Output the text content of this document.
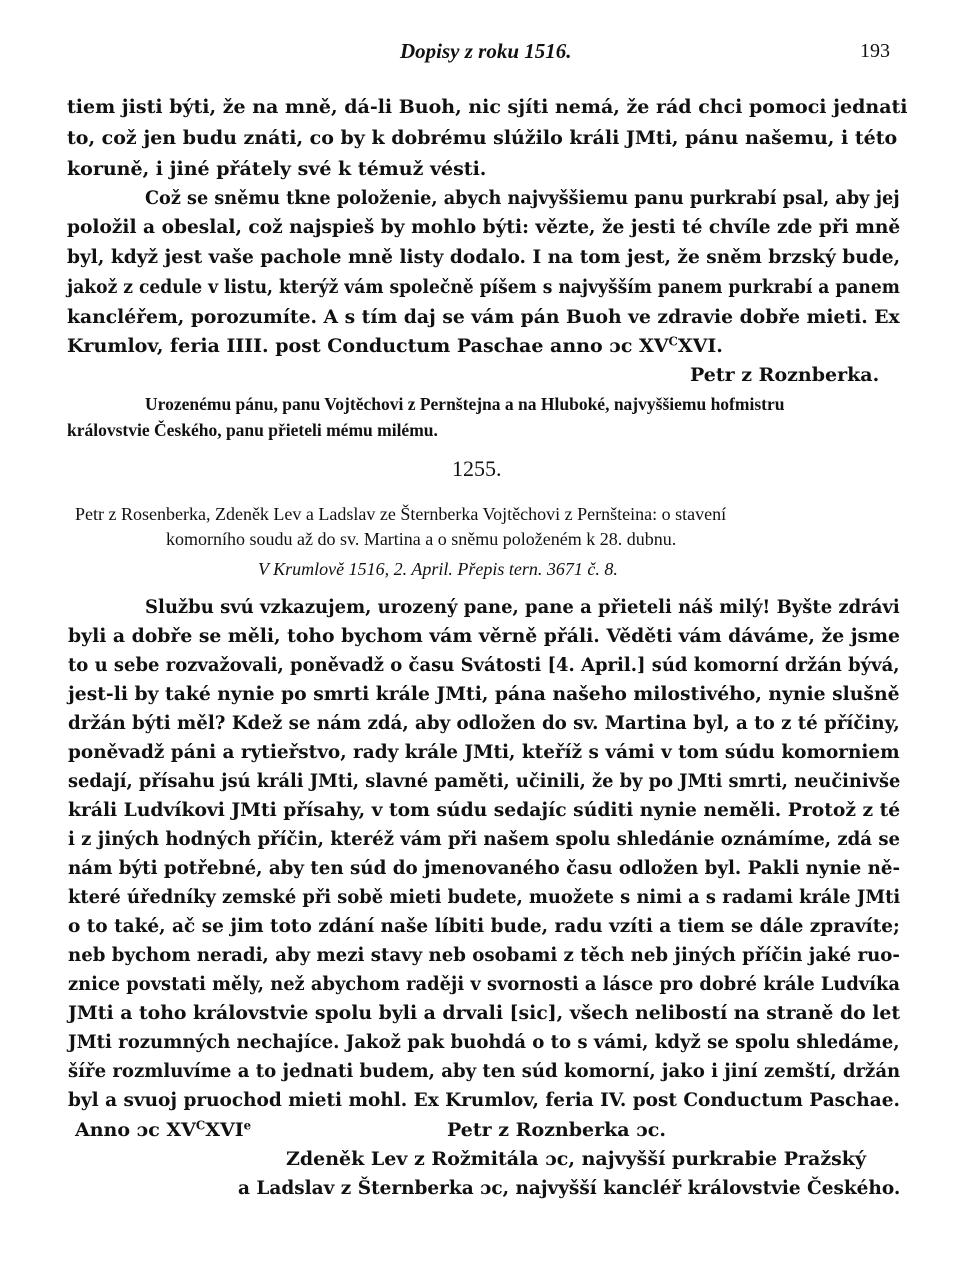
Dopisy z roku 1516.	193
tiem jisti býti, že na mně, dá-li Buoh, nic sjíti nemá, že rád chci pomoci jednati
to, což jen budu znáti, co by k dobrému slúžilo králi JMti, pánu našemu, i této
koruně, i jiné přátely své k témuž vésti.
Což se sněmu tkne položenie, abych najvyššiemu panu purkrabí psal, aby jej
položil a obeslal, což najspieš by mohlo býti: vězte, že jesti té chvíle zde při mně
byl, když jest vaše pachole mně listy dodalo. I na tom jest, že sněm brzský bude,
jakož z cedule v listu, kterýž vám společně píšem s najvyšším panem purkrabí a panem
kancléřem, porozumíte. A s tím daj se vám pán Buoh ve zdravie dobře mieti. Ex
Krumlov, feria IIII. post Conductum Paschae anno ɔc $XV^CXVI$.
Petr z Roznberka.
Urozenému pánu, panu Vojtěchovi z Pernštejna a na Hluboké, najvyššiemu hofmistru
královstvie Českého, panu přieteli mému milému.
1255.
Petr z Rosenberka, Zdeněk Lev a Ladslav ze Šternberka Vojtěchovi z Pernšteina: o stavení
komorního soudu až do sv. Martina a o sněmu položeném k 28. dubnu.
V Krumlově 1516, 2. April. Přepis tern. 3671 č. 8.
Službu svú vzkazujem, urozený pane, pane a přieteli náš milý! Byšte zdrávi
byli a dobře se měli, toho bychom vám věrně přáli. Věděti vám dáváme, že jsme
to u sebe rozvažovali, poněvadž o času Svátosti [4. April.] súd komorní držán bývá,
jest-li by také nynie po smrti krále JMti, pána našeho milostivého, nynie slušně
držán býti měl? Kdež se nám zdá, aby odložen do sv. Martina byl, a to z té příčiny,
poněvadž páni a rytieřstvo, rady krále JMti, kteříž s vámi v tom súdu komorniem
sedají, přísahu jsú králi JMti, slavné paměti, učinili, že by po JMti smrti, neučinivše
králi Ludvíkovi JMti přísahy, v tom súdu sedajíc súditi nynie neměli. Protož z té
i z jiných hodných příčin, kteréž vám při našem spolu shledánie oznámíme, zdá se
nám býti potřebné, aby ten súd do jmenovaného času odložen byl. Pakli nynie ně-
které úředníky zemské při sobě mieti budete, muožete s nimi a s radami krále JMti
o to také, ač se jim toto zdání naše líbiti bude, radu vzíti a tiem se dále zpravíte;
neb bychom neradi, aby mezi stavy neb osobami z těch neb jiných příčin jaké ruo-
znice povstati měly, než abychom raději v svornosti a lásce pro dobré krále Ludvíka
JMti a toho královstvie spolu byli a drvali [sic], všech nelibostí na straně do let
JMti rozumných nechajíce. Jakož pak buohdá o to s vámi, když se spolu shledáme,
šíře rozmluvíme a to jednati budem, aby ten súd komorní, jako i jiní zemští, držán
byl a svuoj pruochod mieti mohl. Ex Krumlov, feria IV. post Conductum Paschae.
Anno ɔc $XV^CXVIe$	Petr z Roznberka ɔc.
Zdeněk Lev z Rožmitála ɔc, najvyšší purkrabie Pražský
a Ladslav z Šternberka ɔc, najvyšší kancléř královstvie Českého.
